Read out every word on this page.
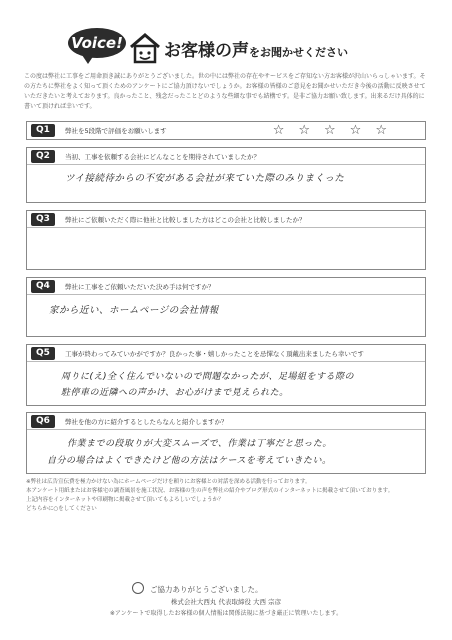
Voice! お客様の声をお聞かせください
この度は弊社に工事をご用命頂き誠にありがとうございました。世の中には弊社の存在やサービスをご存知ない方お客様が沢山いらっしゃいます。その方たちに弊社をよく知って頂くためのアンケートにご協力頂けないでしょうか。お客様の皆様のご意見をお聞かせいただき今後の活動に反映させていただきたいと考えております。良かったこと、残念だったことどのような些細な事でも結構です。是非ご協力お願い致します。出来るだけ具体的に書いて頂ければ幸いです。
Q1	弊社を5段階で評価をお願いします	☆☆☆☆☆
Q2	当初、工事を依頼する会社にどんなことを期待されていましたか？
ツイ接続待からの不安がある会社が来ていた際のみりまくった
Q3	弊社にご依頼いただく際に他社と比較しました方はどこの会社と比較しましたか？
Q4	弊社に工事をご依頼いただいた決め手は何ですか？
家から近い、ホームページの会社情報
Q5	工事が終わってみていかがですか？良かった事・嬉しかったことを忌憚なく頂戴出来ましたら幸いです
周りに(え)全く住んでいないので問題なかったが、足場組をする際の
駐停車の近隣への声かけ、お心がけまで見えられた。
Q6	弊社を他の方に紹介するとしたらなんと紹介しますか？
作業までの段取りが大変スムーズで、作業は丁寧だと思った。
自分の場合はよくできたけど他の方法はケースを考えていきたい。
※弊社は広告宣伝費を極力かけない為にホームページだけを頼りにお客様との対話を深める活動を行っております。
本アンケート用紙またはお客様宅の調査風景を施工状況、お客様の生の声を弊社の紹介やブログ形式のインターネットに掲載させて頂いております。
上記内容をインターネットや印刷物に掲載させて頂いてもよろしいでしょうか？
どちらかに○をしてください
ご協力ありがとうございました。
株式会社大西丸 代表取締役 大西 宗彦
※アンケートで取得したお客様の個人情報は関係法規に基づき厳正に管理いたします。
